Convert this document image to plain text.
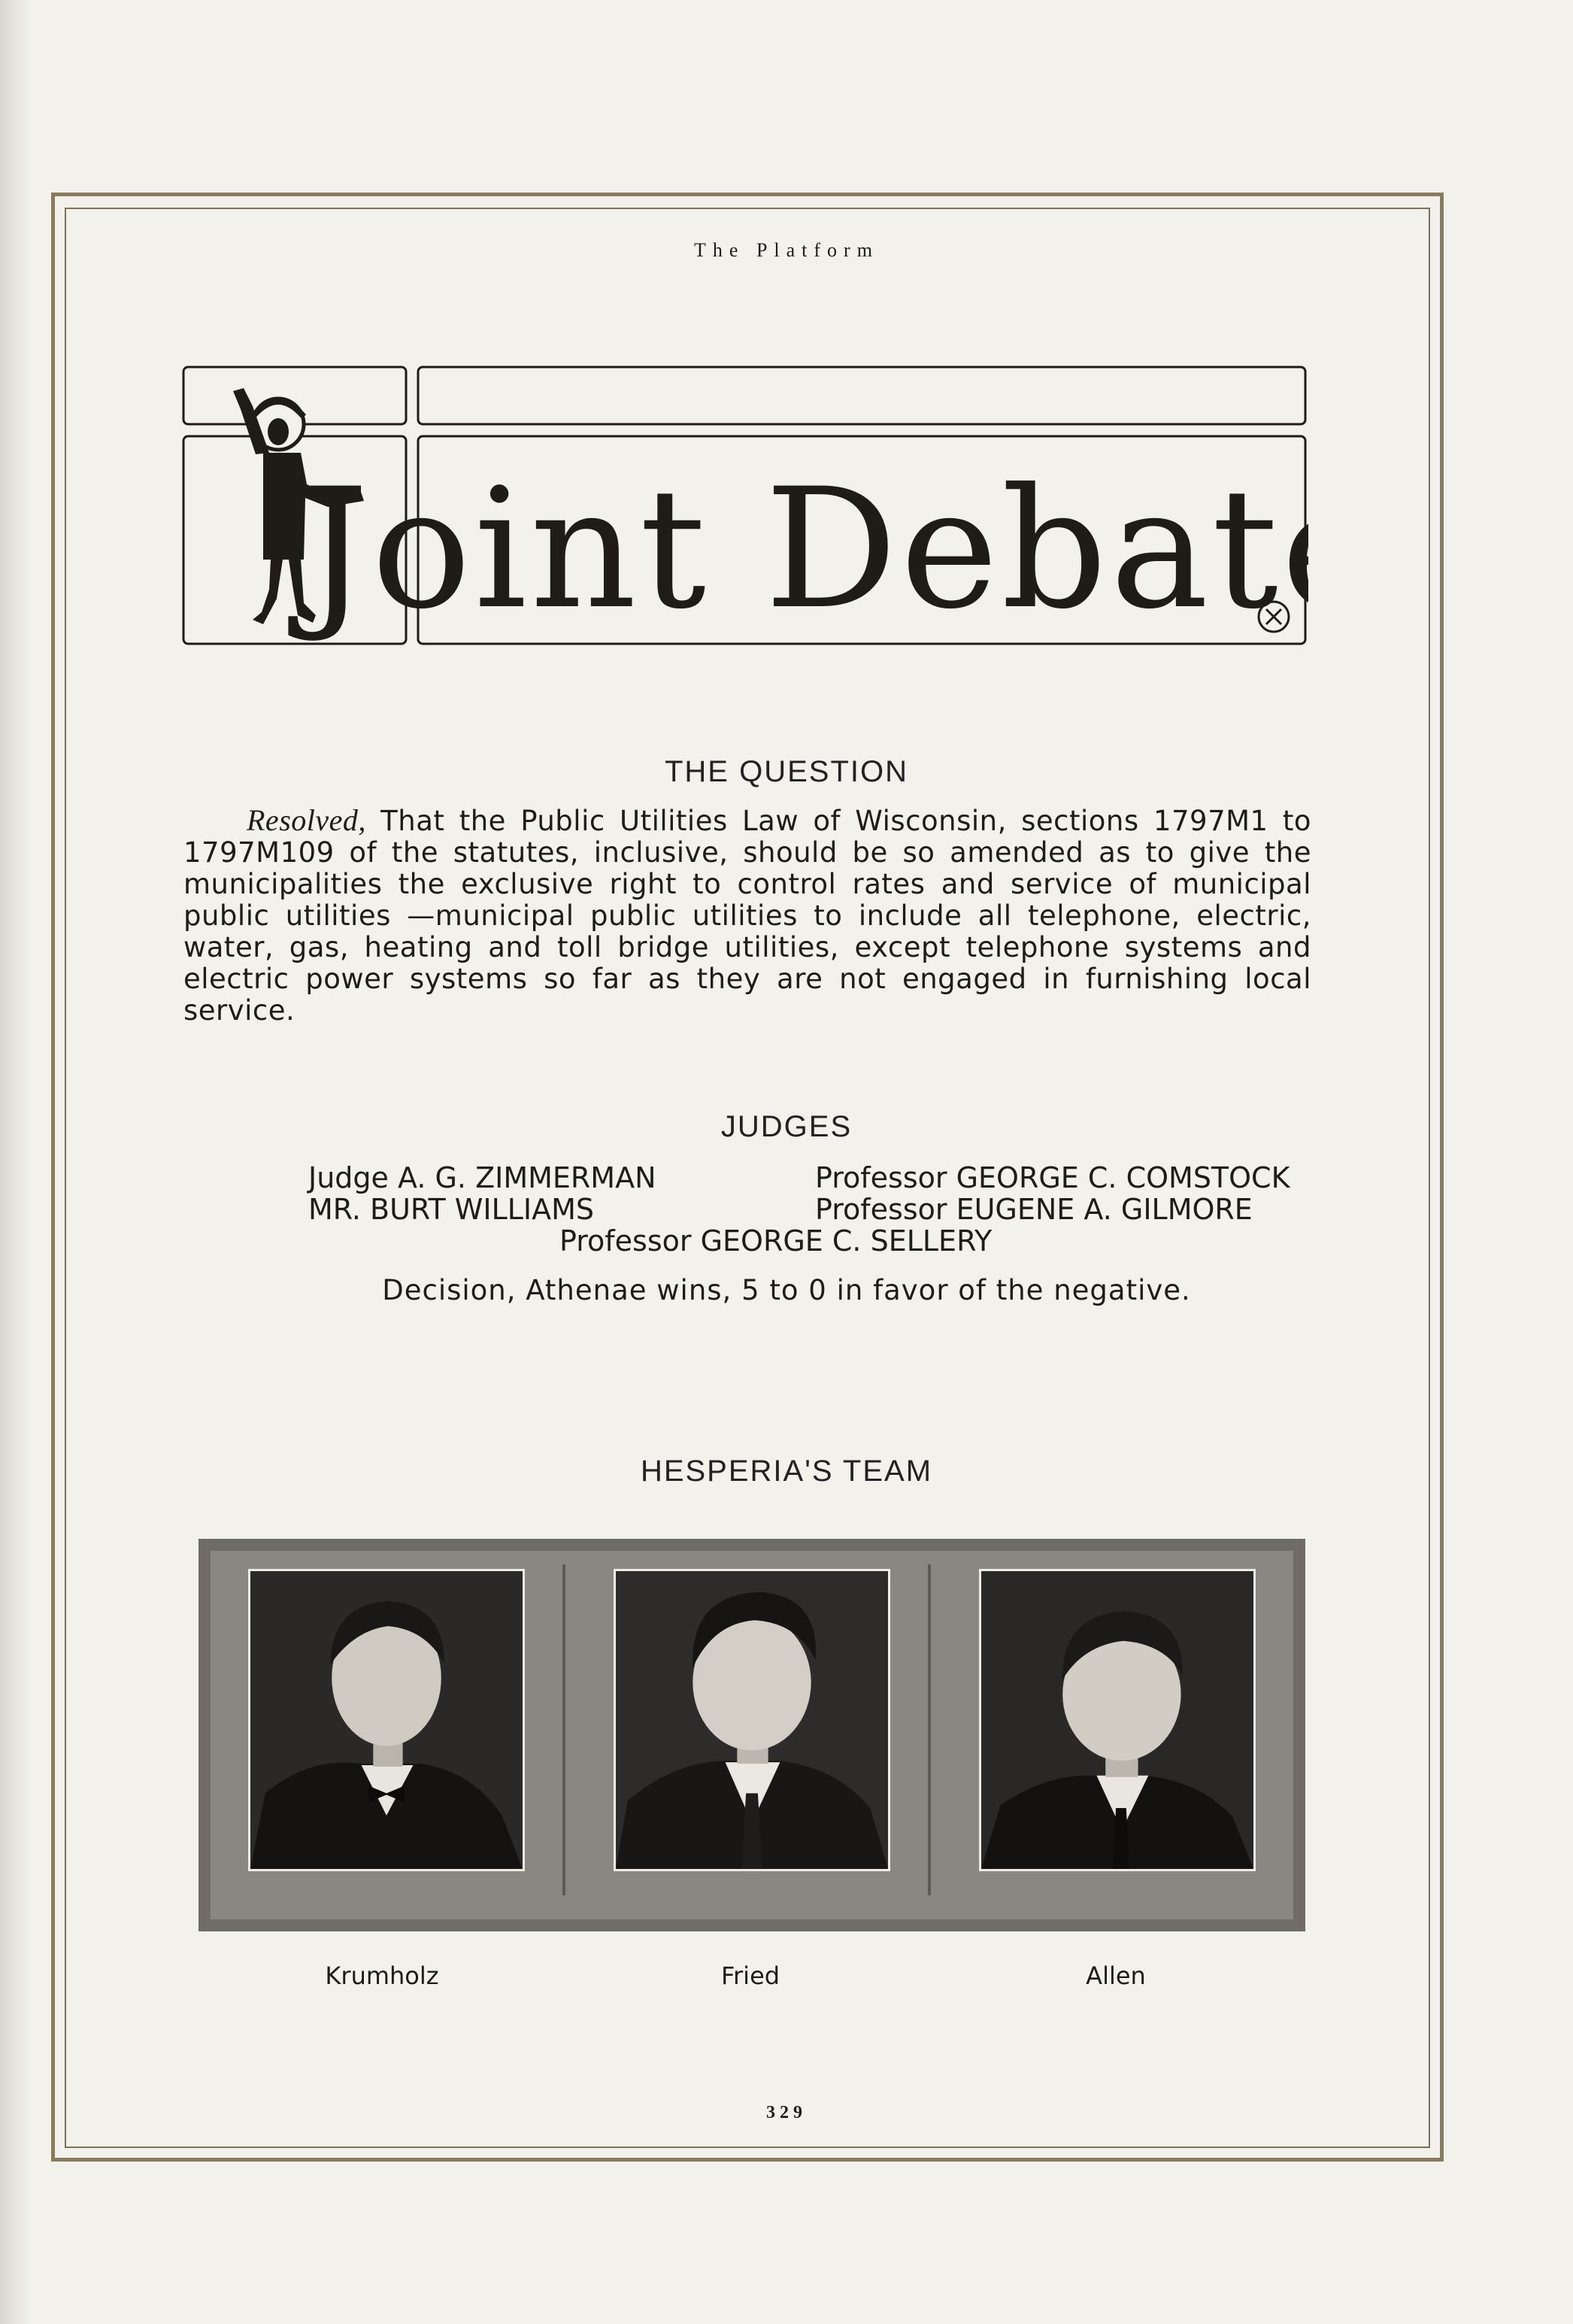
The Platform
Joint Debate
THE QUESTION
Resolved, That the Public Utilities Law of Wisconsin, sections 1797M1 to 1797M109 of the statutes, inclusive, should be so amended as to give the municipalities the exclusive right to control rates and service of municipal public utilities —municipal public utilities to include all telephone, electric, water, gas, heating and toll bridge utilities, except telephone systems and electric power systems so far as they are not engaged in furnishing local service.
JUDGES
Judge A. G. ZIMMERMAN	Professor GEORGE C. COMSTOCK
MR. BURT WILLIAMS	Professor EUGENE A. GILMORE
Professor GEORGE C. SELLERY
Decision, Athenae wins, 5 to 0 in favor of the negative.
HESPERIA'S TEAM
Krumholz	Fried	Allen
329
